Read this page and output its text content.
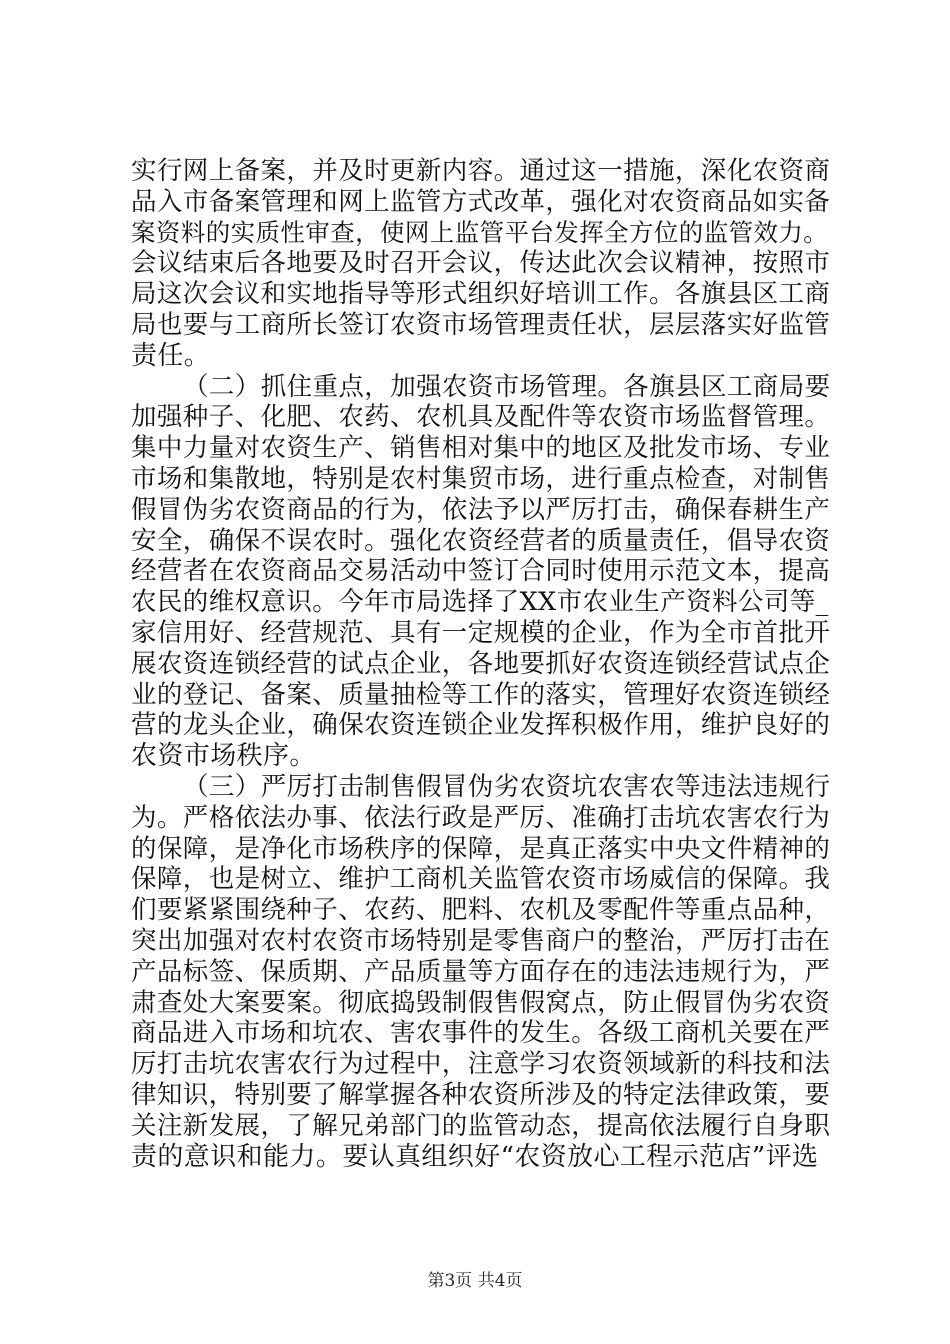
实行网上备案，并及时更新内容。通过这一措施，深化农资商
品入市备案管理和网上监管方式改革，强化对农资商品如实备
案资料的实质性审查，使网上监管平台发挥全方位的监管效力。
会议结束后各地要及时召开会议，传达此次会议精神，按照市
局这次会议和实地指导等形式组织好培训工作。各旗县区工商
局也要与工商所长签订农资市场管理责任状，层层落实好监管
责任。
（二）抓住重点，加强农资市场管理。各旗县区工商局要
加强种子、化肥、农药、农机具及配件等农资市场监督管理。
集中力量对农资生产、销售相对集中的地区及批发市场、专业
市场和集散地，特别是农村集贸市场，进行重点检查，对制售
假冒伪劣农资商品的行为，依法予以严厉打击，确保春耕生产
安全，确保不误农时。强化农资经营者的质量责任，倡导农资
经营者在农资商品交易活动中签订合同时使用示范文本，提高
农民的维权意识。今年市局选择了XX市农业生产资料公司等_
家信用好、经营规范、具有一定规模的企业，作为全市首批开
展农资连锁经营的试点企业，各地要抓好农资连锁经营试点企
业的登记、备案、质量抽检等工作的落实，管理好农资连锁经
营的龙头企业，确保农资连锁企业发挥积极作用，维护良好的
农资市场秩序。
（三）严厉打击制售假冒伪劣农资坑农害农等违法违规行
为。严格依法办事、依法行政是严厉、准确打击坑农害农行为
的保障，是净化市场秩序的保障，是真正落实中央文件精神的
保障，也是树立、维护工商机关监管农资市场威信的保障。我
们要紧紧围绕种子、农药、肥料、农机及零配件等重点品种，
突出加强对农村农资市场特别是零售商户的整治，严厉打击在
产品标签、保质期、产品质量等方面存在的违法违规行为，严
肃查处大案要案。彻底捣毁制假售假窝点，防止假冒伪劣农资
商品进入市场和坑农、害农事件的发生。各级工商机关要在严
厉打击坑农害农行为过程中，注意学习农资领域新的科技和法
律知识，特别要了解掌握各种农资所涉及的特定法律政策，要
关注新发展，了解兄弟部门的监管动态，提高依法履行自身职
责的意识和能力。要认真组织好“农资放心工程示范店”评选
第3页 共4页
